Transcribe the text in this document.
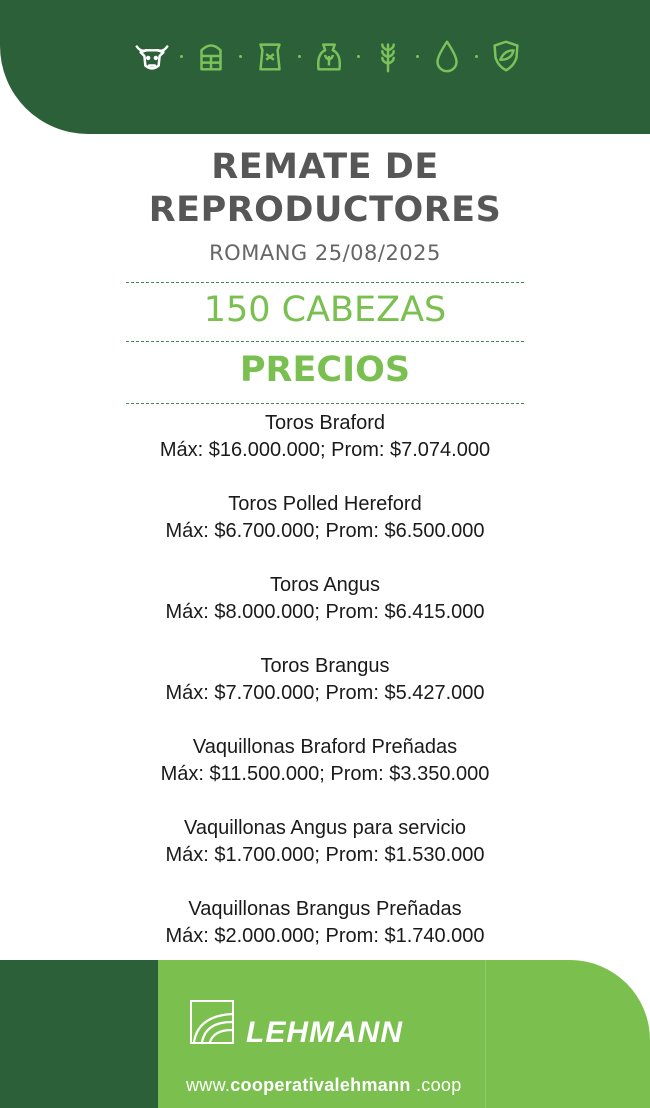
REMATE DE
REPRODUCTORES
ROMANG 25/08/2025
150 CABEZAS
PRECIOS
Toros Braford
Máx: $16.000.000; Prom: $7.074.000
Toros Polled Hereford
Máx: $6.700.000; Prom: $6.500.000
Toros Angus
Máx: $8.000.000; Prom: $6.415.000
Toros Brangus
Máx: $7.700.000; Prom: $5.427.000
Vaquillonas Braford Preñadas
Máx: $11.500.000; Prom: $3.350.000
Vaquillonas Angus para servicio
Máx: $1.700.000; Prom: $1.530.000
Vaquillonas Brangus Preñadas
Máx: $2.000.000; Prom: $1.740.000
LEHMANN
www.cooperativalehmann .coop
